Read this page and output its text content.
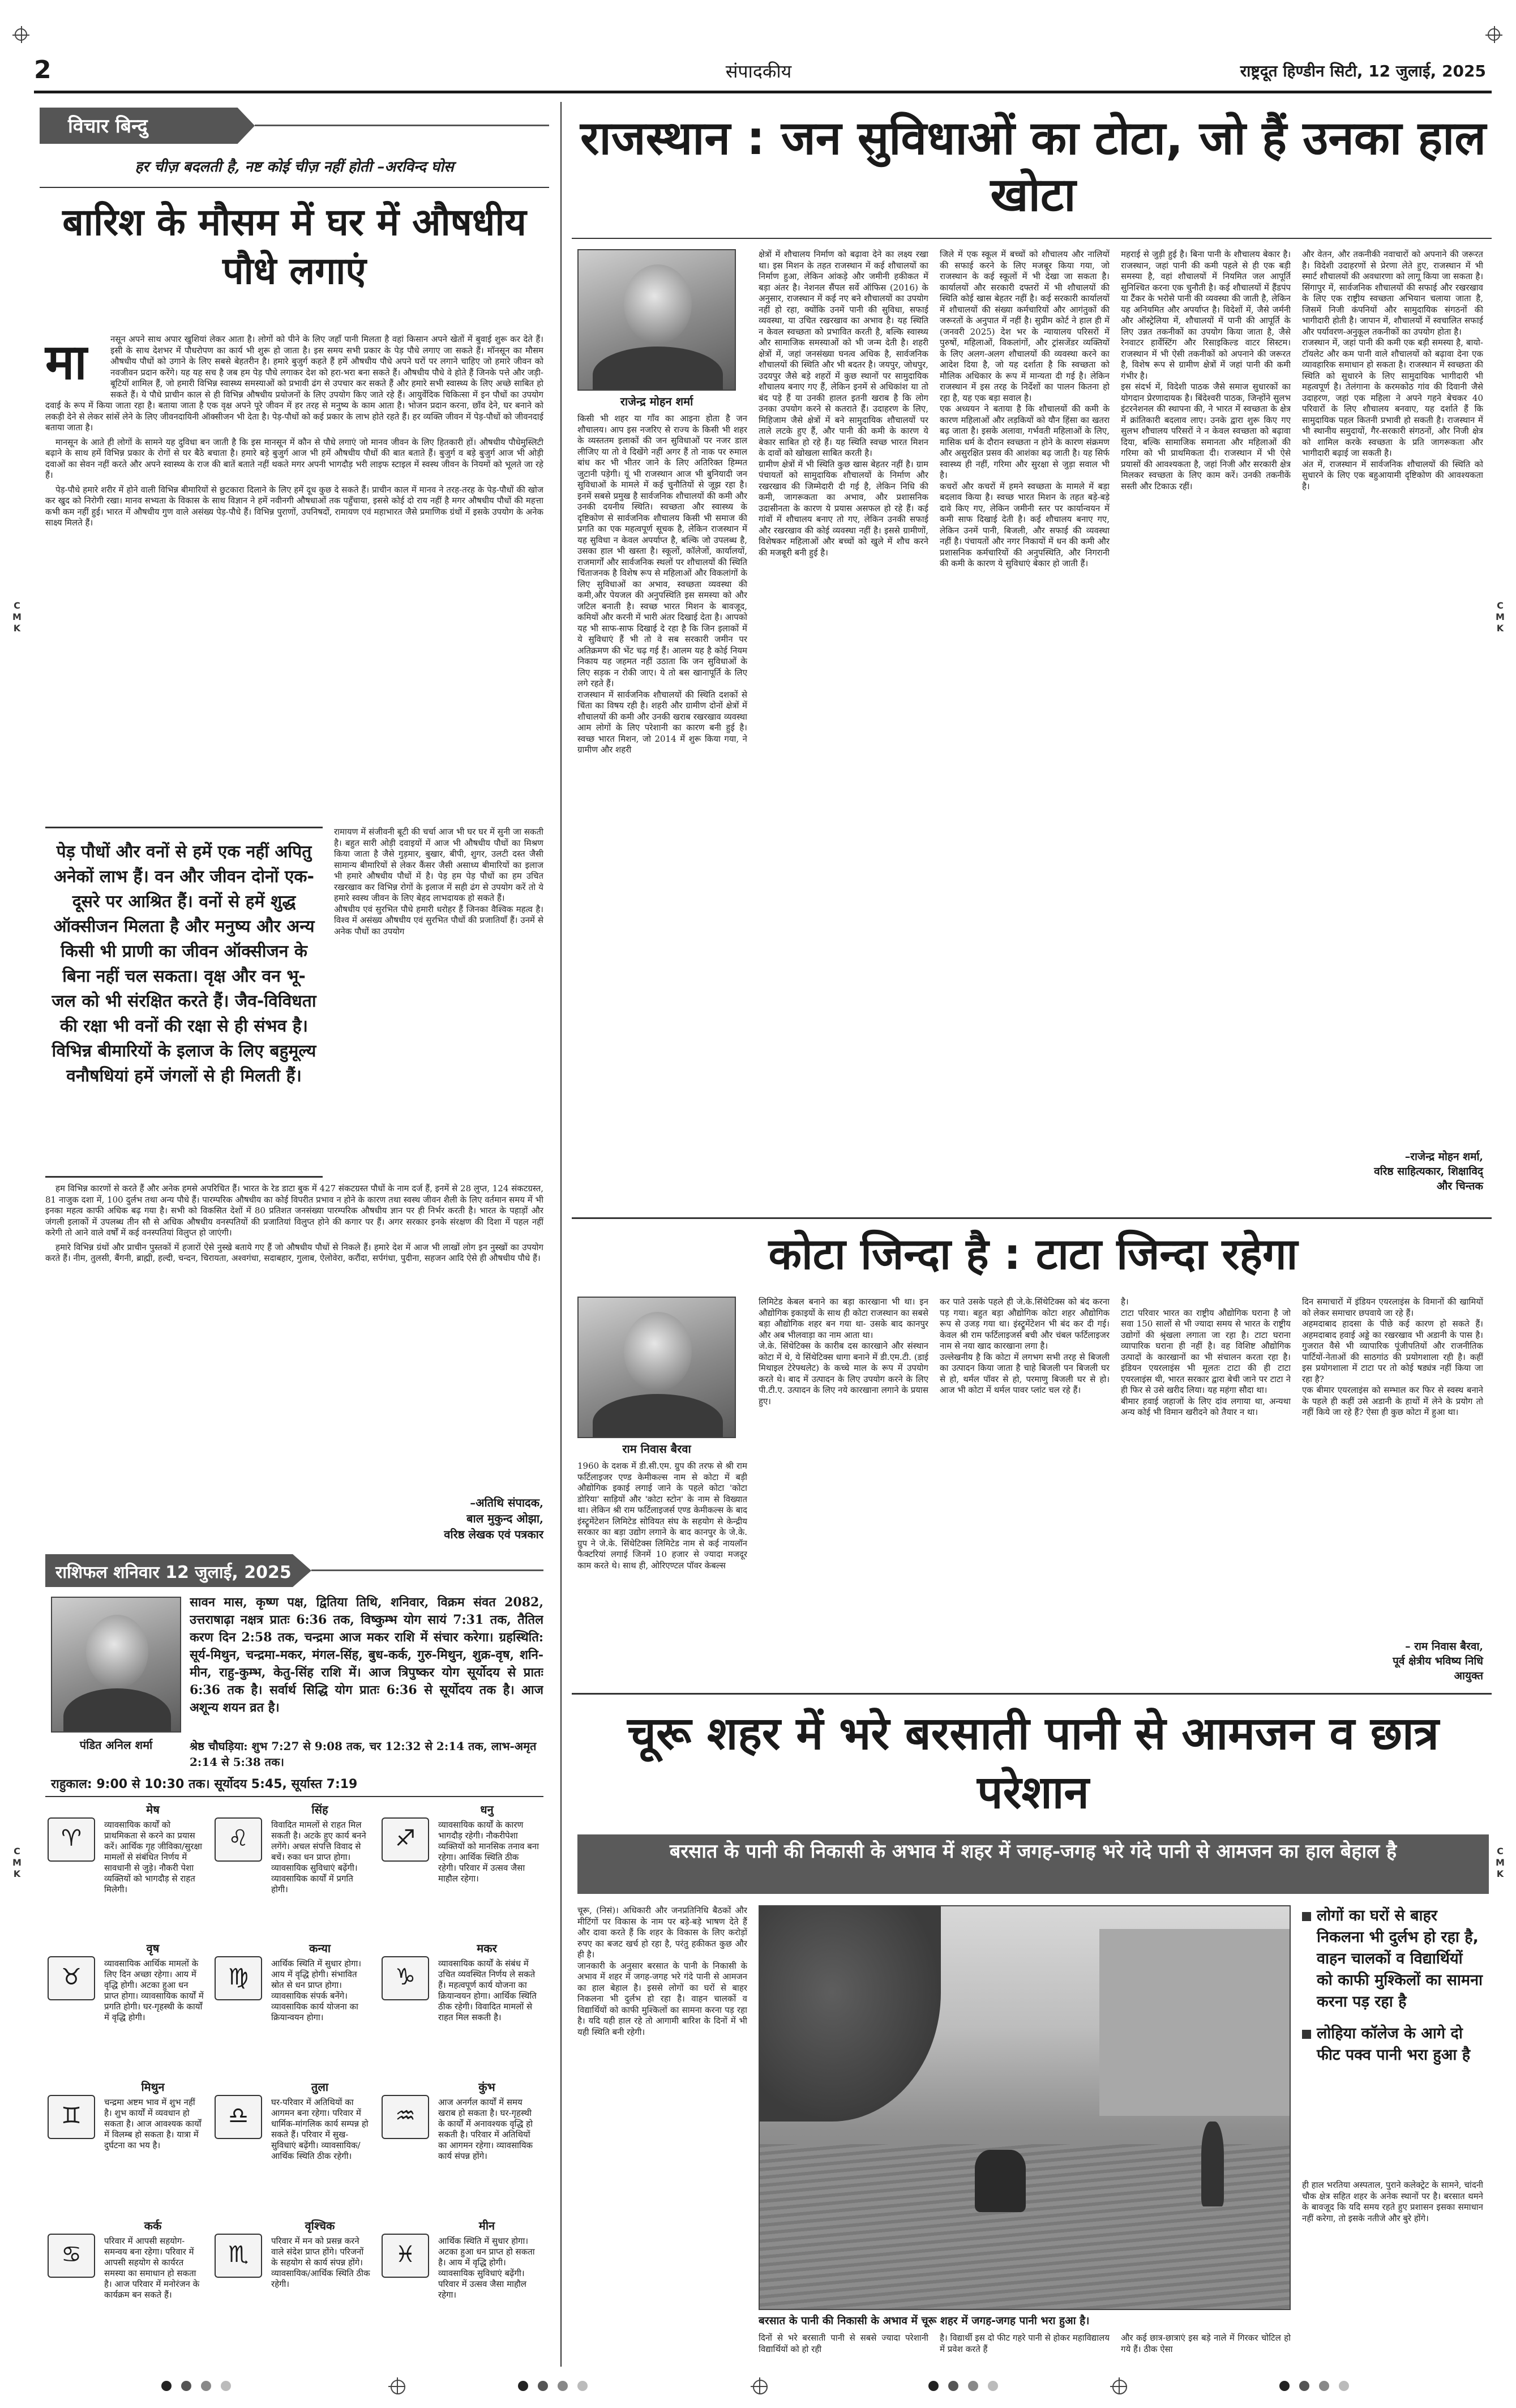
2	संपादकीय	राष्ट्रदूत हिण्डीन सिटी, 12 जुलाई, 2025
C
M
K
C
M
K
C
M
K
C
M
K
विचार बिन्दु
हर चीज़ बदलती है, नष्ट कोई चीज़ नहीं होती –अरविन्द घोस
बारिश के मौसम में घर में औषधीय पौधे लगाएं
मा	नसून अपने साथ अपार खुशियां लेकर आता है। लोगों को पीने के लिए जहाँ पानी मिलता है वहां किसान अपने खेतों में बुवाई शुरू कर देते हैं। इसी के साथ देशभर में पौधरोपण का कार्य भी शुरू हो जाता है। इस समय सभी प्रकार के पेड़ पौधे लगाए जा सकते हैं। मॉनसून का मौसम औषधीय पौधों को उगाने के लिए सबसे बेहतरीन है। हमारे बुजुर्ग कहते हैं हमें औषधीय पौधे अपने घरों पर लगाने चाहिए जो हमारे जीवन को नवजीवन प्रदान करेंगे। यह यह सच है जब हम पेड़ पौधे लगाकर देश को हरा-भरा बना सकते हैं। औषधीय पौधे वे होते हैं जिनके पत्ते और जड़ी-बूटियों शामिल हैं, जो हमारी विभिन्न स्वास्थ्य समस्याओं को प्रभावी ढंग से उपचार कर सकते हैं और हमारे सभी स्वास्थ्य के लिए अच्छे साबित हो सकते हैं। ये पौधे प्राचीन काल से ही विभिन्न औषधीय प्रयोजनों के लिए उपयोग किए जाते रहे हैं। आयुर्वेदिक चिकित्सा में इन पौधों का उपयोग दवाई के रूप में किया जाता रहा है। बताया जाता है एक वृक्ष अपने पूरे जीवन में हर तरह से मनुष्य के काम आता है। भोजन प्रदान करना, छाँव देने, घर बनाने को लकड़ी देने से लेकर सांसें लेने के लिए जीवनदायिनी ऑक्सीजन भी देता है। पेड़-पौधों को कई प्रकार के लाभ होते रहते हैं। हर व्यक्ति जीवन में पेड़-पौधों को जीवनदाई बताया जाता है।

मानसून के आते ही लोगों के सामने यह दुविधा बन जाती है कि इस मानसून में कौन से पौधे लगाएं जो मानव जीवन के लिए हितकारी हों। औषधीय पौधेमुस्लिटी बढ़ाने के साथ हमें विभिन्न प्रकार के रोगों से घर बैठे बचाता है। हमारे बड़े बुजुर्ग आज भी हमें औषधीय पौधों की बात बताते हैं। बुजुर्ग व बड़े बुजुर्ग आज भी ओड़ी दवाओं का सेवन नहीं करते और अपने स्वास्थ्य के राज की बातें बताते नहीं थकते मगर अपनी भागदौड़ भरी लाइफ स्टाइल में स्वस्थ जीवन के नियमों को भूलते जा रहे हैं।

पेड़-पौधे हमारे शरीर में होने वाली विभिन्न बीमारियों से छुटकारा दिलाने के लिए हमें दूध कुछ दे सकते हैं। प्राचीन काल में मानव ने तरह-तरह के पेड़-पौधों की खोज कर खुद को निरोगी रखा। मानव सभ्यता के विकास के साथ विज्ञान ने हमें नवीनगी औषधाओं तक पहुँचाया, इससे कोई दो राय नहीं है मगर औषधीय पौधों की महत्ता कभी कम नहीं हुई। भारत में औषधीय गुण वाले असंख्य पेड़-पौधे हैं। विभिन्न पुराणों, उपनिषदों, रामायण एवं महाभारत जैसे प्रमाणिक ग्रंथों में इसके उपयोग के अनेक साक्ष्य मिलते हैं।

पेड़ पौधों और वनों से हमें एक नहीं अपितु अनेकों लाभ हैं। वन और जीवन दोनों एक-दूसरे पर आश्रित हैं। वनों से हमें शुद्ध ऑक्सीजन मिलता है और मनुष्य और अन्य किसी भी प्राणी का जीवन ऑक्सीजन के बिना नहीं चल सकता। वृक्ष और वन भू-जल को भी संरक्षित करते हैं। जैव-विविधता की रक्षा भी वनों की रक्षा से ही संभव है। विभिन्न बीमारियों के इलाज के लिए बहुमूल्य वनौषधियां हमें जंगलों से ही मिलती हैं।
रामायण में संजीवनी बूटी की चर्चा आज भी घर घर में सुनी जा सकती है। बहुत सारी ओड़ी दवाइयों में आज भी औषधीय पौधों का मिश्रण किया जाता है जैसे गुड़मार, बुखार, बीपी, शुगर, उलटी दस्त जैसी सामान्य बीमारियों से लेकर कैंसर जैसी असाध्य बीमारियों का इलाज भी हमारे औषधीय पौधों में है। पेड़ हम पेड़ पौधों का हम उचित रखरखाव कर विभिन्न रोगों के इलाज में सही ढंग से उपयोग करें तो ये हमारे स्वस्थ जीवन के लिए बेहद लाभदायक हो सकते हैं।
औषधीय एवं सुरभित पौधे हमारी धरोहर हैं जिनका वैश्विक महत्व है। विश्व में असंख्य औषधीय एवं सुरभित पौधों की प्रजातियाँ हैं। उनमें से अनेक पौधों का उपयोग

हम विभिन्न कारणों से करते हैं और अनेक हमसे अपरिचित हैं। भारत के रेड डाटा बुक में 427 संकटग्रस्त पौधों के नाम दर्ज हैं, इनमें से 28 लुप्त, 124 संकटग्रस्त, 81 नाजुक दशा में, 100 दुर्लभ तथा अन्य पौधे हैं। पारम्परिक औषधीय का कोई विपरीत प्रभाव न होने के कारण तथा स्वस्थ जीवन शैली के लिए वर्तमान समय में भी इनका महत्व काफी अधिक बढ़ गया है। सभी को विकसित देशों में 80 प्रतिशत जनसंख्या पारम्परिक औषधीय ज्ञान पर ही निर्भर करती है। भारत के पहाड़ों और जंगली इलाकों में उपलब्ध तीन सौ से अधिक औषधीय वनस्पतियों की प्रजातियां विलुप्त होने की कगार पर हैं। अगर सरकार इनके संरक्षण की दिशा में पहल नहीं करेगी तो आने वाले वर्षों में कई वनस्पतियां विलुप्त हो जाएंगी।

हमारे विभिन्न ग्रंथों और प्राचीन पुस्तकों में हजारों ऐसे नुस्खे बताये गए हैं जो औषधीय पौधों से निकले हैं। हमारे देश में आज भी लाखों लोग इन नुस्खों का उपयोग करते हैं। नीम, तुलसी, बैंगनी, ब्राह्मी, हल्दी, चन्दन, चिरायता, अश्वगंधा, सदाबहार, गुलाब, ऐलोवेरा, करौंदा, सर्पगंधा, पुदीना, सहजन आदि ऐसे ही औषधीय पौधे हैं।

–अतिथि संपादक,
बाल मुकुन्द ओझा,
वरिष्ठ लेखक एवं पत्रकार
राशिफल शनिवार 12 जुलाई, 2025
पंडित अनिल शर्मा
सावन मास, कृष्ण पक्ष, द्वितिया तिथि, शनिवार, विक्रम संवत 2082, उत्तराषाढ़ा नक्षत्र प्रातः 6:36 तक, विष्कुम्भ योग सायं 7:31 तक, तैतिल करण दिन 2:58 तक, चन्द्रमा आज मकर राशि में संचार करेगा। ग्रहस्थिति: सूर्य-मिथुन, चन्द्रमा-मकर, मंगल-सिंह, बुध-कर्क, गुरु-मिथुन, शुक्र-वृष, शनि-मीन, राहु-कुम्भ, केतु-सिंह राशि में। आज त्रिपुष्कर योग सूर्योदय से प्रातः 6:36 तक है। सर्वार्थ सिद्धि योग प्रातः 6:36 से सूर्योदय तक है। आज अशून्य शयन व्रत है।
श्रेष्ठ चौघड़िया: शुभ 7:27 से 9:08 तक, चर 12:32 से 2:14 तक, लाभ-अमृत 2:14 से 5:38 तक।
राहुकाल: 9:00 से 10:30 तक। सूर्योदय 5:45, सूर्यास्त 7:19
♈
मेष
व्यावसायिक कार्यों को प्राथमिकता से करने का प्रयास करें। आर्थिक गृह जीविका/सुरक्षा मामलों से संबंधित निर्णय में सावधानी से जुड़े। नौकरी पेशा व्यक्तियों को भागदौड़ से राहत मिलेगी।
♌
सिंह
विवादित मामलों से राहत मिल सकती है। अटके हुए कार्य बनने लगेंगे। अचल संपत्ति विवाद से बचें। रुका धन प्राप्त होगा। व्यावसायिक सुविधाएं बढ़ेंगी। व्यावसायिक कार्यों में प्रगति होगी।
♐
धनु
व्यावसायिक कार्यों के कारण भागदौड़ रहेगी। नौकरीपेशा व्यक्तियों को मानसिक तनाव बना रहेगा। आर्थिक स्थिति ठीक रहेगी। परिवार में उत्सव जैसा माहौल रहेगा।
♉
वृष
व्यावसायिक आर्थिक मामलों के लिए दिन अच्छा रहेगा। आय में वृद्धि होगी। अटका हुआ धन प्राप्त होगा। व्यावसायिक कार्यों में प्रगति होगी। घर-गृहस्थी के कार्यों में वृद्धि होगी।
♍
कन्या
आर्थिक स्थिति में सुधार होगा। आय में वृद्धि होगी। संभावित स्रोत से धन प्राप्त होगा। व्यावसायिक संपर्क बनेंगे। व्यावसायिक कार्य योजना का क्रियान्वयन होगा।
♑
मकर
व्यावसायिक कार्यों के संबंध में उचित व्यवस्थित निर्णय ले सकते हैं। महत्वपूर्ण कार्य योजना का क्रियान्वयन होगा। आर्थिक स्थिति ठीक रहेगी। विवादित मामलों से राहत मिल सकती है।
♊
मिथुन
चन्द्रमा अष्टम भाव में शुभ नहीं है। शुभ कार्यों में व्यवधान हो सकता है। आज आवश्यक कार्यों में विलम्ब हो सकता है। यात्रा में दुर्घटना का भय है।
♎
तुला
घर-परिवार में अतिथियों का आगमन बना रहेगा। परिवार में धार्मिक-मांगलिक कार्य सम्पन्न हो सकते हैं। परिवार में सुख-सुविधाएं बढ़ेंगी। व्यावसायिक/आर्थिक स्थिति ठीक रहेगी।
♒
कुंभ
आज अनर्गल कार्यों में समय खराब हो सकता है। घर-गृहस्थी के कार्यों में अनावश्यक वृद्धि हो सकती है। परिवार में अतिथियों का आगमन रहेगा। व्यावसायिक कार्य संपन्न होंगे।
♋
कर्क
परिवार में आपसी सहयोग-समन्वय बना रहेगा। परिवार में आपसी सहयोग से कार्यरत समस्या का समाधान हो सकता है। आज परिवार में मनोरंजन के कार्यक्रम बन सकते हैं।
♏
वृश्चिक
परिवार में मन को प्रसन्न करने वाले संदेश प्राप्त होंगे। परिजनों के सहयोग से कार्य संपन्न होंगे। व्यावसायिक/आर्थिक स्थिति ठीक रहेगी।
♓
मीन
आर्थिक स्थिति में सुधार होगा। अटका हुआ धन प्राप्त हो सकता है। आय में वृद्धि होगी। व्यावसायिक सुविधाएं बढ़ेंगी। परिवार में उत्सव जैसा माहौल रहेगा।
राजस्थान : जन सुविधाओं का टोटा, जो हैं उनका हाल खोटा
राजेन्द्र मोहन शर्मा
किसी भी शहर या गाँव का आइना होता है जन शौचालय। आप इस नजरिए से राज्य के किसी भी शहर के व्यस्ततम इलाकों की जन सुविधाओं पर नजर डाल लीजिए या तो वे दिखेंगे नहीं अगर हैं तो नाक पर रुमाल बांध कर भी भीतर जाने के लिए अतिरिक्त हिम्मत जुटानी पड़ेगी। यूं भी राजस्थान आज भी बुनियादी जन सुविधाओं के मामले में कई चुनौतियों से जूझ रहा है। इनमें सबसे प्रमुख है सार्वजनिक शौचालयों की कमी और उनकी दयनीय स्थिति। स्वच्छता और स्वास्थ्य के दृष्टिकोण से सार्वजनिक शौचालय किसी भी समाज की प्रगति का एक महत्वपूर्ण सूचक है, लेकिन राजस्थान में यह सुविधा न केवल अपर्याप्त है, बल्कि जो उपलब्ध है, उसका हाल भी खस्ता है। स्कूलों, कॉलेजों, कार्यालयों, राजमार्गों और सार्वजनिक स्थलों पर शौचालयों की स्थिति चिंताजनक है विशेष रूप से महिलाओं और विकलांगों के लिए सुविधाओं का अभाव, स्वच्छता व्यवस्था की कमी,और पेयजल की अनुपस्थिति इस समस्या को और जटिल बनाती है। स्वच्छ भारत मिशन के बावजूद, कमियों और करनी में भारी अंतर दिखाई देता है। आपको यह भी साफ-साफ दिखाई दे रहा है कि जिन इलाकों में ये सुविधाएं हैं भी तो वे सब सरकारी जमीन पर अतिक्रमण की भेंट चढ़ गई हैं। आलम यह है कोई नियम निकाय यह जहमत नहीं उठाता कि जन सुविधाओं के लिए सड़क न रोकी जाए। ये तो बस खानापूर्ति के लिए लगे रहते हैं।
राजस्थान में सार्वजनिक शौचालयों की स्थिति दशकों से चिंता का विषय रही है। शहरी और ग्रामीण दोनों क्षेत्रों में शौचालयों की कमी और उनकी खराब रखरखाव व्यवस्था आम लोगों के लिए परेशानी का कारण बनी हुई है। स्वच्छ भारत मिशन, जो 2014 में शुरू किया गया, ने ग्रामीण और शहरी
क्षेत्रों में शौचालय निर्माण को बढ़ावा देने का लक्ष्य रखा था। इस मिशन के तहत राजस्थान में कई शौचालयों का निर्माण हुआ, लेकिन आंकड़े और जमीनी हकीकत में बड़ा अंतर है। नेशनल सैंपल सर्वे ऑफिस (2016) के अनुसार, राजस्थान में कई नए बने शौचालयों का उपयोग नहीं हो रहा, क्योंकि उनमें पानी की सुविधा, सफाई व्यवस्था, या उचित रखरखाव का अभाव है। यह स्थिति न केवल स्वच्छता को प्रभावित करती है, बल्कि स्वास्थ्य और सामाजिक समस्याओं को भी जन्म देती है। शहरी क्षेत्रों में, जहां जनसंख्या घनत्व अधिक है, सार्वजनिक शौचालयों की स्थिति और भी बदतर है। जयपुर, जोधपुर, उदयपुर जैसे बड़े शहरों में कुछ स्थानों पर सामुदायिक शौचालय बनाए गए हैं, लेकिन इनमें से अधिकांश या तो बंद पड़े हैं या उनकी हालत इतनी खराब है कि लोग उनका उपयोग करने से कतराते हैं। उदाहरण के लिए, मिहिजाम जैसे क्षेत्रों में बने सामुदायिक शौचालयों पर ताले लटके हुए हैं, और पानी की कमी के कारण ये बेकार साबित हो रहे हैं। यह स्थिति स्वच्छ भारत मिशन के दावों को खोखला साबित करती है।
ग्रामीण क्षेत्रों में भी स्थिति कुछ खास बेहतर नहीं है। ग्राम पंचायतों को सामुदायिक शौचालयों के निर्माण और रखरखाव की जिम्मेदारी दी गई है, लेकिन निधि की कमी, जागरूकता का अभाव, और प्रशासनिक उदासीनता के कारण ये प्रयास असफल हो रहे हैं। कई गांवों में शौचालय बनाए तो गए, लेकिन उनकी सफाई और रखरखाव की कोई व्यवस्था नहीं है। इससे ग्रामीणों, विशेषकर महिलाओं और बच्चों को खुले में शौच करने की मजबूरी बनी हुई है।
जिले में एक स्कूल में बच्चों को शौचालय और नालियों की सफाई करने के लिए मजबूर किया गया, जो राजस्थान के कई स्कूलों में भी देखा जा सकता है। कार्यालयों और सरकारी दफ्तरों में भी शौचालयों की स्थिति कोई खास बेहतर नहीं है। कई सरकारी कार्यालयों में शौचालयों की संख्या कर्मचारियों और आगंतुकों की जरूरतों के अनुपात में नहीं है। सुप्रीम कोर्ट ने हाल ही में (जनवरी 2025) देश भर के न्यायालय परिसरों में पुरुषों, महिलाओं, विकलांगों, और ट्रांसजेंडर व्यक्तियों के लिए अलग-अलग शौचालयों की व्यवस्था करने का आदेश दिया है, जो यह दर्शाता है कि स्वच्छता को मौलिक अधिकार के रूप में मान्यता दी गई है। लेकिन राजस्थान में इस तरह के निर्देशों का पालन कितना हो रहा है, यह एक बड़ा सवाल है।
एक अध्ययन ने बताया है कि शौचालयों की कमी के कारण महिलाओं और लड़कियों को यौन हिंसा का खतरा बढ़ जाता है। इसके अलावा, गर्भवती महिलाओं के लिए, मासिक धर्म के दौरान स्वच्छता न होने के कारण संक्रमण और असुरक्षित प्रसव की आशंका बढ़ जाती है। यह सिर्फ स्वास्थ्य ही नहीं, गरिमा और सुरक्षा से जुड़ा सवाल भी है।
कचरों और कचरों में हमने स्वच्छता के मामले में बड़ा बदलाव किया है। स्वच्छ भारत मिशन के तहत बड़े-बड़े दावे किए गए, लेकिन जमीनी स्तर पर कार्यान्वयन में कमी साफ दिखाई देती है। कई शौचालय बनाए गए, लेकिन उनमें पानी, बिजली, और सफाई की व्यवस्था नहीं है। पंचायतों और नगर निकायों में धन की कमी और प्रशासनिक कर्मचारियों की अनुपस्थिति, और निगरानी की कमी के कारण ये सुविधाएं बेकार हो जाती हैं।
महराई से जुड़ी हुई है। बिना पानी के शौचालय बेकार है। राजस्थान, जहां पानी की कमी पहले से ही एक बड़ी समस्या है, वहां शौचालयों में नियमित जल आपूर्ति सुनिश्चित करना एक चुनौती है। कई शौचालयों में हैंडपंप या टैंकर के भरोसे पानी की व्यवस्था की जाती है, लेकिन यह अनियमित और अपर्याप्त है। विदेशों में, जैसे जर्मनी और ऑस्ट्रेलिया में, शौचालयों में पानी की आपूर्ति के लिए उन्नत तकनीकों का उपयोग किया जाता है, जैसे रेनवाटर हार्वेस्टिंग और रिसाइकिल्ड वाटर सिस्टम। राजस्थान में भी ऐसी तकनीकों को अपनाने की जरूरत है, विशेष रूप से ग्रामीण क्षेत्रों में जहां पानी की कमी गंभीर है।
इस संदर्भ में, विदेशी पाठक जैसे समाज सुधारकों का योगदान प्रेरणादायक है। बिंदेश्वरी पाठक, जिन्होंने सुलभ इंटरनेशनल की स्थापना की, ने भारत में स्वच्छता के क्षेत्र में क्रांतिकारी बदलाव लाए। उनके द्वारा शुरू किए गए सुलभ शौचालय परिसरों ने न केवल स्वच्छता को बढ़ावा दिया, बल्कि सामाजिक समानता और महिलाओं की गरिमा को भी प्राथमिकता दी। राजस्थान में भी ऐसे प्रयासों की आवश्यकता है, जहां निजी और सरकारी क्षेत्र मिलकर स्वच्छता के लिए काम करें। उनकी तकनीकें सस्ती और टिकाऊ रहीं।
और वेतन, और तकनीकी नवाचारों को अपनाने की जरूरत है। विदेशी उदाहरणों से प्रेरणा लेते हुए, राजस्थान में भी स्मार्ट शौचालयों की अवधारणा को लागू किया जा सकता है। सिंगापुर में, सार्वजनिक शौचालयों की सफाई और रखरखाव के लिए एक राष्ट्रीय स्वच्छता अभियान चलाया जाता है, जिसमें निजी कंपनियों और सामुदायिक संगठनों की भागीदारी होती है। जापान में, शौचालयों में स्वचालित सफाई और पर्यावरण-अनुकूल तकनीकों का उपयोग होता है।
राजस्थान में, जहां पानी की कमी एक बड़ी समस्या है, बायो-टॉयलेट और कम पानी वाले शौचालयों को बढ़ावा देना एक व्यावहारिक समाधान हो सकता है। राजस्थान में स्वच्छता की स्थिति को सुधारने के लिए सामुदायिक भागीदारी भी महत्वपूर्ण है। तेलंगाना के करमकोठ गांव की दिवानी जैसे उदाहरण, जहां एक महिला ने अपने गहने बेचकर 40 परिवारों के लिए शौचालय बनवाए, यह दर्शाते हैं कि सामुदायिक पहल कितनी प्रभावी हो सकती है। राजस्थान में भी स्थानीय समुदायों, गैर-सरकारी संगठनों, और निजी क्षेत्र को शामिल करके स्वच्छता के प्रति जागरूकता और भागीदारी बढ़ाई जा सकती है।
अंत में, राजस्थान में सार्वजनिक शौचालयों की स्थिति को सुधारने के लिए एक बहुआयामी दृष्टिकोण की आवश्यकता है।
–राजेन्द्र मोहन शर्मा,
वरिष्ठ साहित्यकार, शिक्षाविद्
और चिन्तक
कोटा जिन्दा है : टाटा जिन्दा रहेगा
राम निवास बैरवा
1960 के दशक में डी.सी.एम. ग्रुप की तरफ से श्री राम फर्टिलाइजर एण्ड केमीकल्स नाम से कोटा में बड़ी औद्योगिक इकाई लगाई जाने के पहले कोटा 'कोटा डोरिया' साड़ियों और 'कोटा स्टोन' के नाम से विख्यात था। लेकिन श्री राम फर्टिलाइजर्स एण्ड केमीकल्स के बाद इंस्ट्रूमेंटेशन लिमिटेड सोवियत संघ के सहयोग से केन्द्रीय सरकार का बड़ा उद्योग लगाने के बाद कानपुर के जे.के. ग्रुप ने जे.के. सिंथेटिक्स लिमिटेड नाम से कई नायलॉन फैक्टरियां लगाई जिनमें 10 हजार से ज्यादा मजदूर काम करते थे। साथ ही, ओरिएण्टल पॉवर केबल्स
लिमिटेड केबल बनाने का बड़ा कारखाना भी था। इन औद्योगिक इकाइयों के साथ ही कोटा राजस्थान का सबसे बड़ा औद्योगिक शहर बन गया था- उसके बाद कानपुर और अब भीलवाड़ा का नाम आता था।
जे.के. सिंथेटिक्स के कारीब दस कारखाने और संस्थान कोटा में थे, ये सिंथेटिक्स धागा बनाने में डी.एम.टी. (डाई मिथाइल टेरेफ्थलेट) के कच्चे माल के रूप में उपयोग करते थे। बाद में उत्पादन के लिए उपयोग करने के लिए पी.टी.ए. उत्पादन के लिए नये कारखाना लगाने के प्रयास हुए।
कर पाते उसके पहले ही जे.के.सिंथेटिक्स को बंद करना पड़ गया। बहुत बड़ा औद्योगिक कोटा शहर औद्योगिक रूप से उजड़ गया था। इंस्ट्रूमेंटेशन भी बंद कर दी गई। केवल श्री राम फर्टिलाइजर्स बची और चंबल फर्टिलाइजर नाम से नया खाद कारखाना लगा है।
उल्लेखनीय है कि कोटा में लगभग सभी तरह से बिजली का उत्पादन किया जाता है चाहे बिजली पन बिजली घर से हो, थर्मल पॉवर से हो, परमाणु बिजली घर से हो। आज भी कोटा में थर्मल पावर प्लांट चल रहे हैं।
है।
टाटा परिवार भारत का राष्ट्रीय औद्योगिक घराना है जो सवा 150 सालों से भी ज्यादा समय से भारत के राष्ट्रीय उद्योगों की श्रृंखला लगाता जा रहा है। टाटा घराना व्यापारिक घराना ही नहीं है। वह विशिष्ट औद्योगिक उत्पादों के कारखानों का भी संचालन करता रहा है। इंडियन एयरलाइंस भी मूलतः टाटा की ही टाटा एयरलाइंस थी, भारत सरकार द्वारा बेची जाने पर टाटा ने ही फिर से उसे खरीद लिया। यह महंगा सौदा था।
बीमार हवाई जहाजों के लिए दांव लगाया था, अन्यथा अन्य कोई भी विमान खरीदने को तैयार न था।
दिन समाचारों में इंडियन एयरलाइंस के विमानों की खामियों को लेकर समाचार छपवाये जा रहे हैं।
अहमदाबाद हादसा के पीछे कई कारण हो सकते हैं। अहमदाबाद हवाई अड्डे का रखरखाव भी अडानी के पास है। गुजरात वैसे भी व्यापारिक पूंजीपतियों और राजनीतिक पार्टियों-नेताओं की साठगांठ की प्रयोगशाला रही है। कहीं इस प्रयोगशाला में टाटा पर तो कोई षड्यंत्र नहीं किया जा रहा है?
एक बीमार एयरलाइंस को सम्भाल कर फिर से स्वस्थ बनाने के पहले ही कहीं उसे अडानी के हाथों में लेने के प्रयोग तो नहीं किये जा रहे हैं? ऐसा ही कुछ कोटा में हुआ था।
– राम निवास बैरवा,
पूर्व क्षेत्रीय भविष्य निधि
आयुक्त
चूरू शहर में भरे बरसाती पानी से आमजन व छात्र परेशान
बरसात के पानी की निकासी के अभाव में शहर में जगह-जगह भरे गंदे पानी से आमजन का हाल बेहाल है
चूरू, (निसं)। अधिकारी और जनप्रतिनिधि बैठकों और मीटिंगों पर विकास के नाम पर बड़े-बड़े भाषण देते हैं और दावा करते हैं कि शहर के विकास के लिए करोड़ों रुपए का बजट खर्च हो रहा है, परंतु हकीकत कुछ और ही है।
जानकारी के अनुसार बरसात के पानी के निकासी के अभाव में शहर में जगह-जगह भरे गंदे पानी से आमजन का हाल बेहाल है। इससे लोगों का घरों से बाहर निकलना भी दुर्लभ हो रहा है। वाहन चालकों व विद्यार्थियों को काफी मुश्किलों का सामना करना पड़ रहा है। यदि यही हाल रहे तो आगामी बारिश के दिनों में भी यही स्थिति बनी रहेगी।
बरसात के पानी की निकासी के अभाव में चूरू शहर में जगह-जगह पानी भरा हुआ है।
दिनों से भरे बरसाती पानी से सबसे ज्यादा परेशानी विद्यार्थियों को हो रही
है। विद्यार्थी इस दो फीट गहरे पानी से होकर महाविद्यालय में प्रवेश करते हैं
और कई छात्र-छात्राएं इस बड़े नाले में गिरकर चोटिल हो गये हैं। ठीक ऐसा
लोगों का घरों से बाहर निकलना भी दुर्लभ हो रहा है, वाहन चालकों व विद्यार्थियों को काफी मुश्किलों का सामना करना पड़ रहा है
लोहिया कॉलेज के आगे दो फीट पक्व पानी भरा हुआ है
ही हाल भरतिया अस्पताल, पुराने कलेक्ट्रेट के सामने, चांदनी चौक क्षेत्र सहित शहर के अनेक स्थानों पर है। बरसात थमने के बावजूद कि यदि समय रहते हुए प्रशासन इसका समाधान नहीं करेगा, तो इसके नतीजे और बुरे होंगे।
